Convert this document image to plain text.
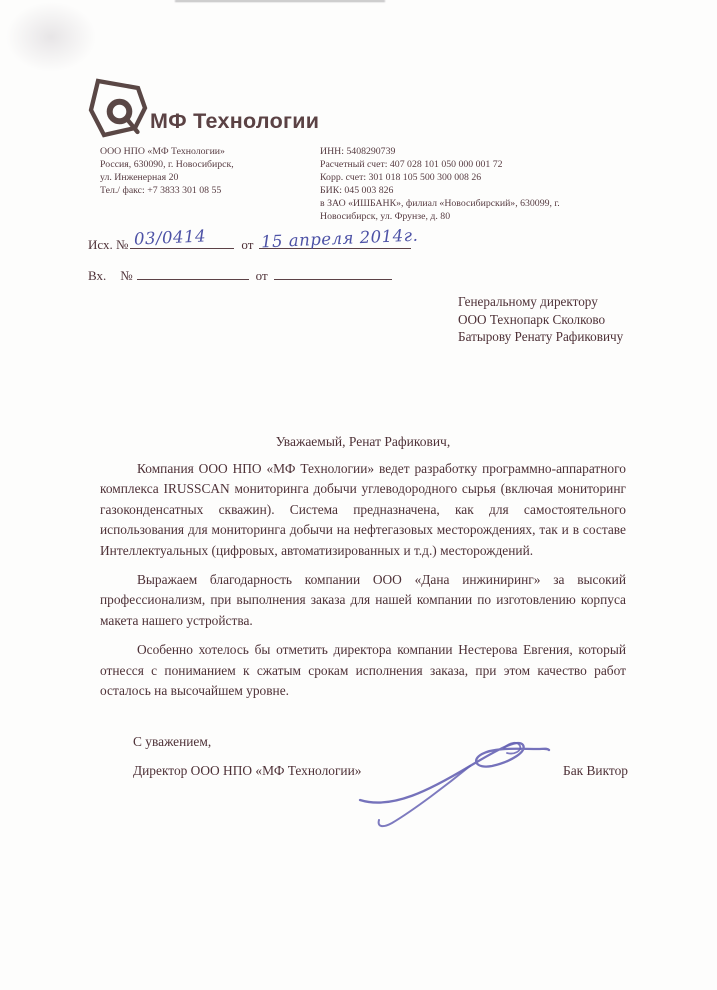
МФ Технологии
ООО НПО «МФ Технологии»
Россия, 630090, г. Новосибирск,
ул. Инженерная 20
Тел./ факс: +7 3833 301 08 55
ИНН: 5408290739
Расчетный счет: 407 028 101 050 000 001 72
Корр. счет: 301 018 105 500 300 008 26
БИК: 045 003 826
в ЗАО «ИШБАНК», филиал «Новосибирский», 630099, г.
Новосибирск, ул. Фрунзе, д. 80
Исх. № 03/0414	от 15 апреля 2014г.
Вх. №	от
Генеральному директору
ООО Технопарк Сколково
Батырову Ренату Рафиковичу
Уважаемый, Ренат Рафикович,

Компания ООО НПО «МФ Технологии» ведет разработку программно-аппаратного комплекса IRUSSCAN мониторинга добычи углеводородного сырья (включая мониторинг газоконденсатных скважин). Система предназначена, как для самостоятельного использования для мониторинга добычи на нефтегазовых месторождениях, так и в составе Интеллектуальных (цифровых, автоматизированных и т.д.) месторождений.

Выражаем благодарность компании ООО «Дана инжиниринг» за высокий профессионализм, при выполнения заказа для нашей компании по изготовлению корпуса макета нашего устройства.

Особенно хотелось бы отметить директора компании Нестерова Евгения, который отнесся с пониманием к сжатым срокам исполнения заказа, при этом качество работ осталось на высочайшем уровне.

С уважением,
Директор ООО НПО «МФ Технологии»	Бак Виктор
